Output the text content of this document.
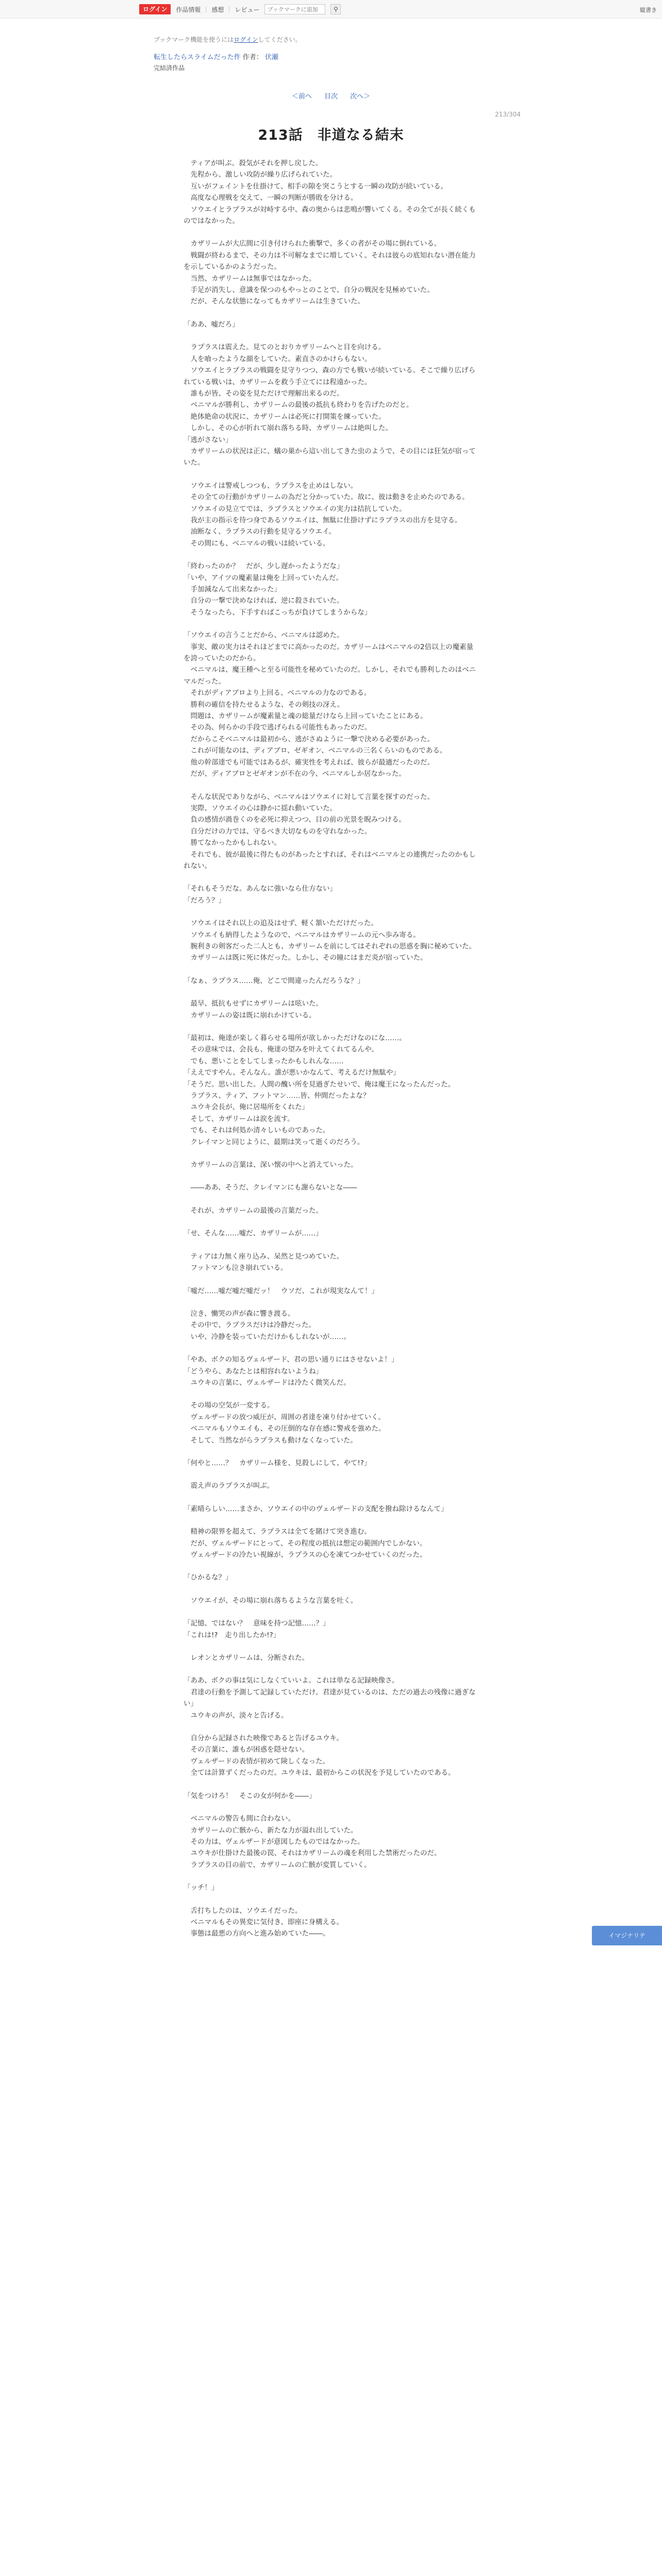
ログイン	作品情報 感想 レビュー
ブックマークに追加	⚲	縦書き
ブックマーク機能を使うにはログインしてください。
転生したらスライムだった件 作者： 伏瀬
完結済作品
＜前へ 目次 次へ＞
213/304
213話　非道なる結末

　ティアが叫ぶ。殺気がそれを押し戻した。
　先程から、激しい攻防が繰り広げられていた。
　互いがフェイントを仕掛けて、相手の隙を突こうとする一瞬の攻防が続いている。
　高度な心理戦を交えて、一瞬の判断が勝敗を分ける。
　ソウエイとラプラスが対峙する中、森の奥からは悲鳴が響いてくる。その全てが長く続くものではなかった。

　カザリームが大広間に引き付けられた衝撃で、多くの者がその場に倒れている。
　戦闘が終わるまで、その力は不可解なまでに増していく。それは彼らの底知れない潜在能力を示しているかのようだった。
　当然、カザリームは無事ではなかった。
　手足が消失し、意識を保つのもやっとのことで、自分の戦況を見極めていた。
　だが、そんな状態になってもカザリームは生きていた。

「ああ、嘘だろ」

　ラプラスは震えた。見てのとおりカザリームへと目を向ける。
　人を喰ったような顔をしていた。素直さのかけらもない。
　ソウエイとラプラスの戦闘を見守りつつ、森の方でも戦いが続いている。そこで繰り広げられている戦いは、カザリームを救う手立てには程遠かった。
　誰もが皆、その姿を見ただけで理解出来るのだ。
　ベニマルが勝利し、カザリームの最後の抵抗も終わりを告げたのだと。
　絶体絶命の状況に、カザリームは必死に打開策を練っていた。
　しかし、その心が折れて崩れ落ちる時、カザリームは絶叫した。
「逃がさない」
　カザリームの状況は正に、蟻の巣から這い出してきた虫のようで、その目には狂気が宿っていた。

　ソウエイは警戒しつつも、ラプラスを止めはしない。
　その全ての行動がカザリームの為だと分かっていた。故に、彼は動きを止めたのである。
　ソウエイの見立てでは、ラプラスとソウエイの実力は拮抗していた。
　我が主の指示を待つ身であるソウエイは、無駄に仕掛けずにラプラスの出方を見守る。
　油断なく、ラプラスの行動を見守るソウエイ。
　その間にも、ベニマルの戦いは続いている。

「終わったのか？　だが、少し遅かったようだな」
「いや、アイツの魔素量は俺を上回っていたんだ。
　手加減なんて出来なかった」
　自分の一撃で決めなければ、逆に殺されていた。
　そうなったら、下手すればこっちが負けてしまうからな」

「ソウエイの言うことだから、ベニマルは認めた。
　事実、敵の実力はそれほどまでに高かったのだ。カザリームはベニマルの2倍以上の魔素量を誇っていたのだから。
　ベニマルは、魔王種へと至る可能性を秘めていたのだ。しかし、それでも勝利したのはベニマルだった。
　それがディアブロより上回る、ベニマルの力なのである。
　勝利の確信を持たせるような、その剣技の冴え。
　問題は、カザリームが魔素量と魂の総量だけなら上回っていたことにある。
　その為、何らかの手段で逃げられる可能性もあったのだ。
　だからこそベニマルは最初から、逃がさぬように一撃で決める必要があった。
　これが可能なのは、ディアブロ、ゼギオン、ベニマルの三名くらいのものである。
　他の幹部達でも可能ではあるが、確実性を考えれば、彼らが最適だったのだ。
　だが、ディアブロとゼギオンが不在の今、ベニマルしか居なかった。

　そんな状況でありながら、ベニマルはソウエイに対して言葉を探すのだった。
　実際、ソウエイの心は静かに揺れ動いていた。
　負の感情が渦巻くのを必死に抑えつつ、目の前の光景を睨みつける。
　自分だけの力では、守るべき大切なものを守れなかった。
　勝てなかったかもしれない。
　それでも、彼が最後に得たものがあったとすれば、それはベニマルとの連携だったのかもしれない。

「それもそうだな。あんなに強いなら仕方ない」
「だろう？」

　ソウエイはそれ以上の追及はせず、軽く頷いただけだった。
　ソウエイも納得したようなので、ベニマルはカザリームの元へ歩み寄る。
　腕利きの剣客だった二人とも、カザリームを前にしてはそれぞれの思惑を胸に秘めていた。
　カザリームは既に死に体だった。しかし、その瞳にはまだ炎が宿っていた。

「なぁ、ラプラス……俺、どこで間違ったんだろうな？」

　最早、抵抗もせずにカザリームは呟いた。
　カザリームの姿は既に崩れかけている。

「最初は、俺達が楽しく暮らせる場所が欲しかっただけなのにな……。
　その意味では、会長も、俺達の望みを叶えてくれてるんや。
　でも、悪いことをしてしまったかもしれんな……
「ええですやん、そんなん。誰が悪いかなんて、考えるだけ無駄や」
「そうだ。思い出した。人間の醜い所を見過ぎたせいで、俺は魔王になったんだった。
　ラプラス、ティア、フットマン……皆、仲間だったよな？
　ユウキ会長が、俺に居場所をくれた」
　そして、カザリームは涙を流す。
　でも、それは何処か清々しいものであった。
　クレイマンと同じように、最期は笑って逝くのだろう。

　カザリームの言葉は、深い懐の中へと消えていった。

　――ああ、そうだ、クレイマンにも謝らないとな――

　それが、カザリームの最後の言葉だった。

「せ、そんな……嘘だ、カザリームが……」

　ティアは力無く座り込み、呆然と見つめていた。
　フットマンも泣き崩れている。

「嘘だ……嘘だ嘘だ嘘だッ！　ウソだ、これが現実なんて！」

　泣き、慟哭の声が森に響き渡る。
　その中で、ラプラスだけは冷静だった。
　いや、冷静を装っていただけかもしれないが……。

「やあ、ボクの知るヴェルザード、君の思い通りにはさせないよ！」
「どうやら、あなたとは相容れないようね」
　ユウキの言葉に、ヴェルザードは冷たく微笑んだ。

　その場の空気が一変する。
　ヴェルザードの放つ威圧が、周囲の者達を凍り付かせていく。
　ベニマルもソウエイも、その圧倒的な存在感に警戒を強めた。
　そして、当然ながらラプラスも動けなくなっていた。

「何やと……？　カザリーム様を、見殺しにして、やて!?」

　震え声のラプラスが叫ぶ。

「素晴らしい……まさか、ソウエイの中のヴェルザードの支配を撥ね除けるなんて」

　精神の限界を超えて、ラプラスは全てを賭けて突き進む。
　だが、ヴェルザードにとって、その程度の抵抗は想定の範囲内でしかない。
　ヴェルザードの冷たい視線が、ラプラスの心を凍てつかせていくのだった。

「ひかるな？」

　ソウエイが、その場に崩れ落ちるような言葉を吐く。

「記憶、ではない？　意味を持つ記憶……？」
「これは!?　走り出したか!?」

　レオンとカザリームは、分断された。

「ああ、ボクの事は気にしなくていいよ。これは単なる記録映像さ。
　君達の行動を予測して記録していただけ。君達が見ているのは、ただの過去の残像に過ぎない」
　ユウキの声が、淡々と告げる。

　自分から記録された映像であると告げるユウキ。
　その言葉に、誰もが困惑を隠せない。
　ヴェルザードの表情が初めて険しくなった。
　全ては計算ずくだったのだ。ユウキは、最初からこの状況を予見していたのである。

「気をつけろ！　そこの女が何かを――」

　ベニマルの警告も間に合わない。
　カザリームの亡骸から、新たな力が溢れ出していた。
　その力は、ヴェルザードが意図したものではなかった。
　ユウキが仕掛けた最後の罠、それはカザリームの魂を利用した禁術だったのだ。
　ラプラスの目の前で、カザリームの亡骸が変質していく。

「ッチ！」

　舌打ちしたのは、ソウエイだった。
　ベニマルもその異変に気付き、即座に身構える。
　事態は最悪の方向へと進み始めていた――。	イマジナリテ
